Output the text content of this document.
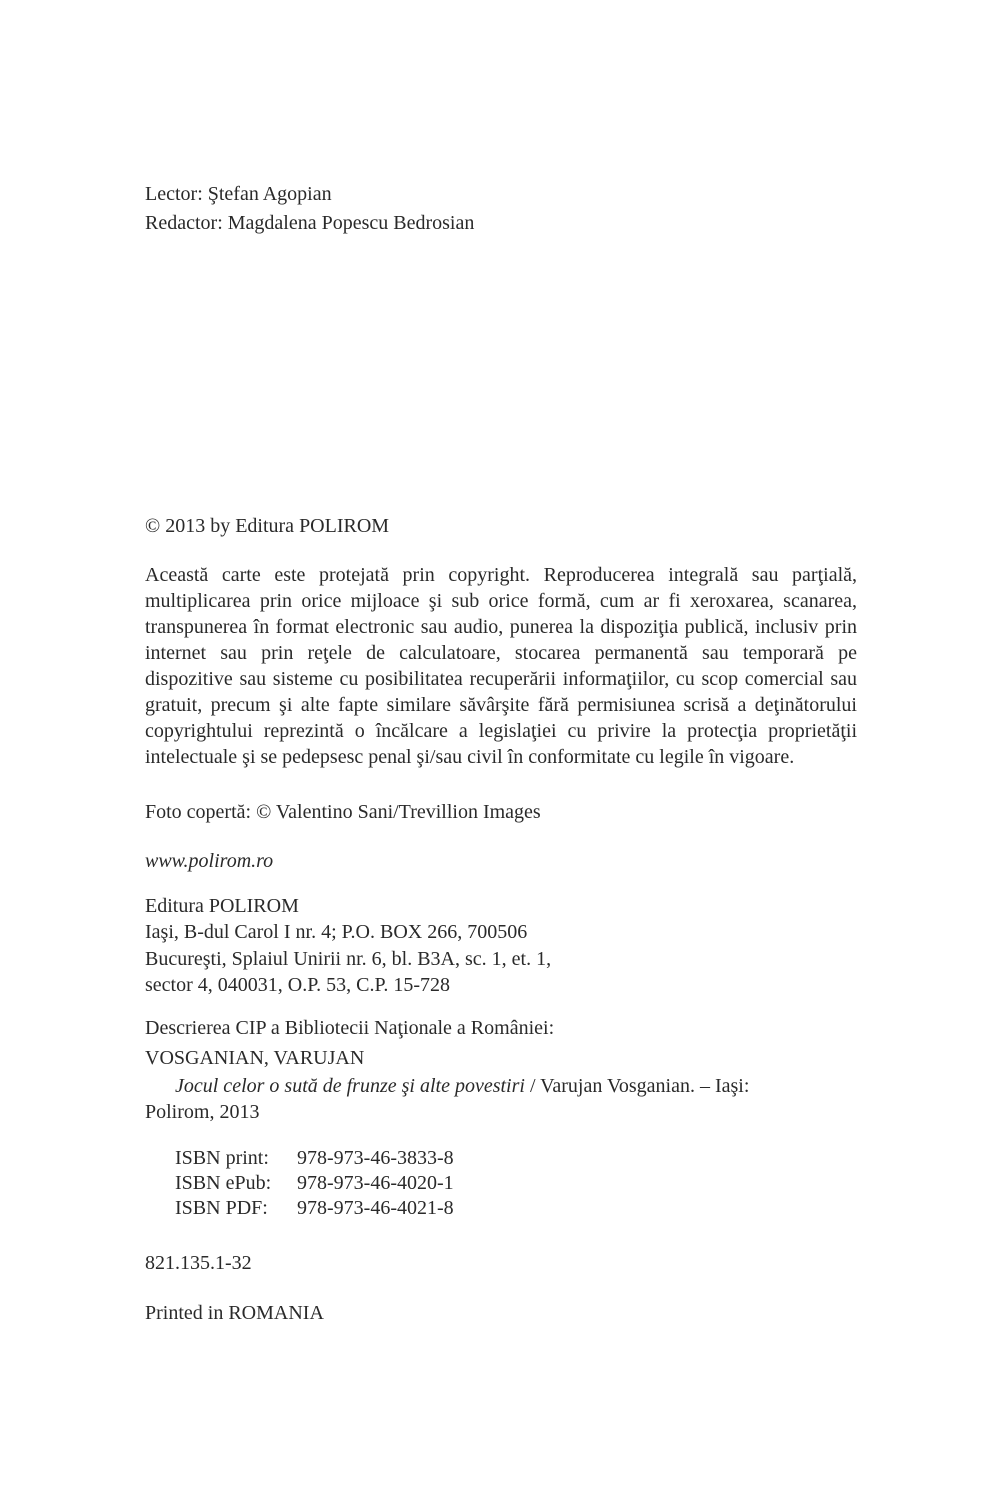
Lector: Ştefan Agopian
Redactor: Magdalena Popescu Bedrosian
© 2013 by Editura POLIROM
Această carte este protejată prin copyright. Reproducerea integrală sau parţială, multiplicarea prin orice mijloace şi sub orice formă, cum ar fi xeroxarea, scanarea, transpunerea în format electronic sau audio, punerea la dispoziţia publică, inclusiv prin internet sau prin reţele de calculatoare, stocarea permanentă sau temporară pe dispozitive sau sisteme cu posibilitatea recuperării informaţiilor, cu scop comercial sau gratuit, precum şi alte fapte similare săvârşite fără permisiunea scrisă a deţinătorului copyrightului reprezintă o încălcare a legislaţiei cu privire la protecţia proprietăţii intelectuale şi se pedepsesc penal şi/sau civil în conformitate cu legile în vigoare.
Foto copertă: © Valentino Sani/Trevillion Images
www.polirom.ro
Editura POLIROM
Iaşi, B-dul Carol I nr. 4; P.O. BOX 266, 700506
Bucureşti, Splaiul Unirii nr. 6, bl. B3A, sc. 1, et. 1,
sector 4, 040031, O.P. 53, C.P. 15-728
Descrierea CIP a Bibliotecii Naţionale a României:
VOSGANIAN, VARUJAN
Jocul celor o sută de frunze şi alte povestiri / Varujan Vosganian. – Iaşi:
Polirom, 2013
ISBN print: 978-973-46-3833-8
ISBN ePub: 978-973-46-4020-1
ISBN PDF: 978-973-46-4021-8
821.135.1-32
Printed in ROMANIA
